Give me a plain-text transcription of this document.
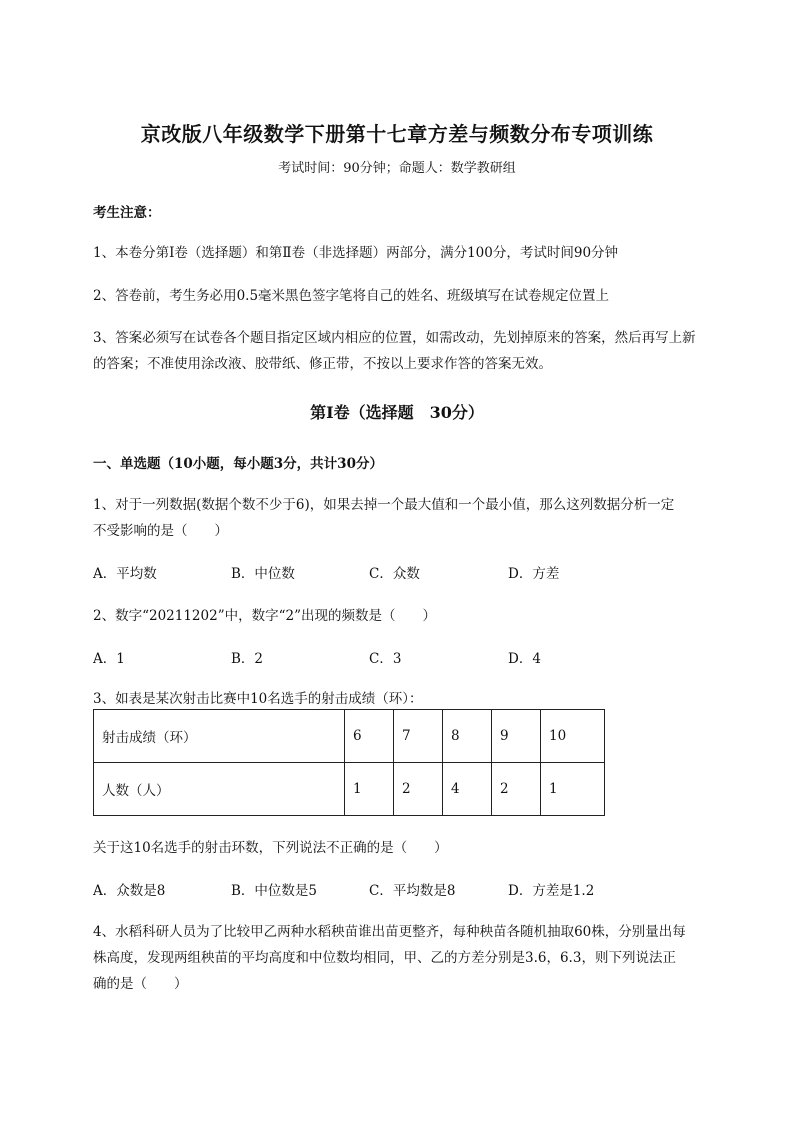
京改版八年级数学下册第十七章方差与频数分布专项训练
考试时间：90分钟；命题人：数学教研组
考生注意：
1、本卷分第I卷（选择题）和第Ⅱ卷（非选择题）两部分，满分100分，考试时间90分钟
2、答卷前，考生务必用0.5毫米黑色签字笔将自己的姓名、班级填写在试卷规定位置上
3、答案必须写在试卷各个题目指定区域内相应的位置，如需改动，先划掉原来的答案，然后再写上新
的答案；不准使用涂改液、胶带纸、修正带，不按以上要求作答的答案无效。
第I卷（选择题　30分）
一、单选题（10小题，每小题3分，共计30分）
1、对于一列数据(数据个数不少于6)，如果去掉一个最大值和一个最小值，那么这列数据分析一定
不受影响的是（　　）
A．平均数	B．中位数	C．众数	D．方差
2、数字“20211202”中，数字“2”出现的频数是（　　）
A．1	B．2	C．3	D．4
3、如表是某次射击比赛中10名选手的射击成绩（环）：
射击成绩（环）	6	7	8	9	10
人数（人）	1	2	4	2	1
关于这10名选手的射击环数，下列说法不正确的是（　　）
A．众数是8	B．中位数是5	C．平均数是8	D．方差是1.2
4、水稻科研人员为了比较甲乙两种水稻秧苗谁出苗更整齐，每种秧苗各随机抽取60株，分别量出每
株高度，发现两组秧苗的平均高度和中位数均相同，甲、乙的方差分别是3.6，6.3，则下列说法正
确的是（　　）
